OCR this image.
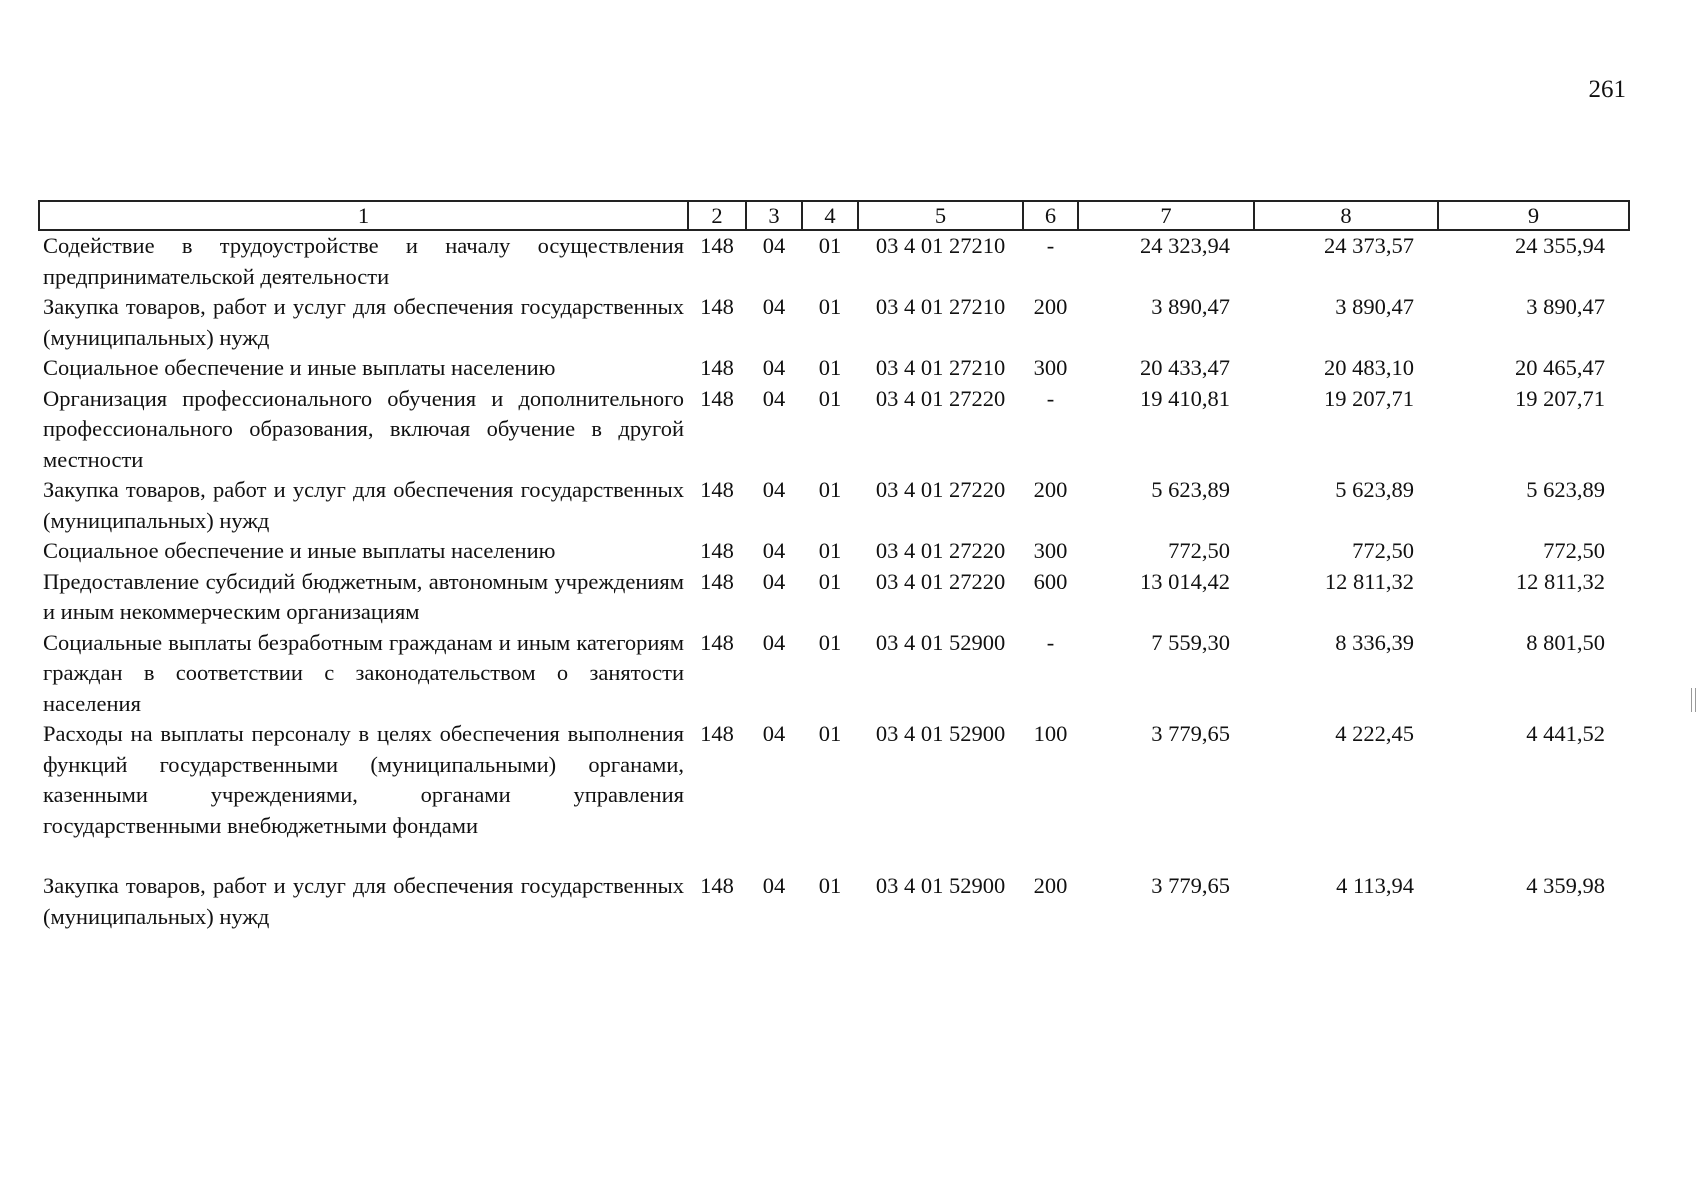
261
1	2	3	4	5	6	7	8	9
Содействие в трудоустройстве и началу осуществления предпринимательской деятельности	148	04	01	03 4 01 27210	-	24 323,94	24 373,57	24 355,94
Закупка товаров, работ и услуг для обеспечения государственных (муниципальных) нужд	148	04	01	03 4 01 27210	200	3 890,47	3 890,47	3 890,47
Социальное обеспечение и иные выплаты населению	148	04	01	03 4 01 27210	300	20 433,47	20 483,10	20 465,47
Организация профессионального обучения и дополнительного профессионального образования, включая обучение в другой местности	148	04	01	03 4 01 27220	-	19 410,81	19 207,71	19 207,71
Закупка товаров, работ и услуг для обеспечения государственных (муниципальных) нужд	148	04	01	03 4 01 27220	200	5 623,89	5 623,89	5 623,89
Социальное обеспечение и иные выплаты населению	148	04	01	03 4 01 27220	300	772,50	772,50	772,50
Предоставление субсидий бюджетным, автономным учреждениям и иным некоммерческим организациям	148	04	01	03 4 01 27220	600	13 014,42	12 811,32	12 811,32
Социальные выплаты безработным гражданам и иным категориям граждан в соответствии с законодательством о занятости населения	148	04	01	03 4 01 52900	-	7 559,30	8 336,39	8 801,50
Расходы на выплаты персоналу в целях обеспечения выполнения функций государственными (муниципальными) органами, казенными учреждениями, органами управления государственными внебюджетными фондами	148	04	01	03 4 01 52900	100	3 779,65	4 222,45	4 441,52
Закупка товаров, работ и услуг для обеспечения государственных (муниципальных) нужд	148	04	01	03 4 01 52900	200	3 779,65	4 113,94	4 359,98
